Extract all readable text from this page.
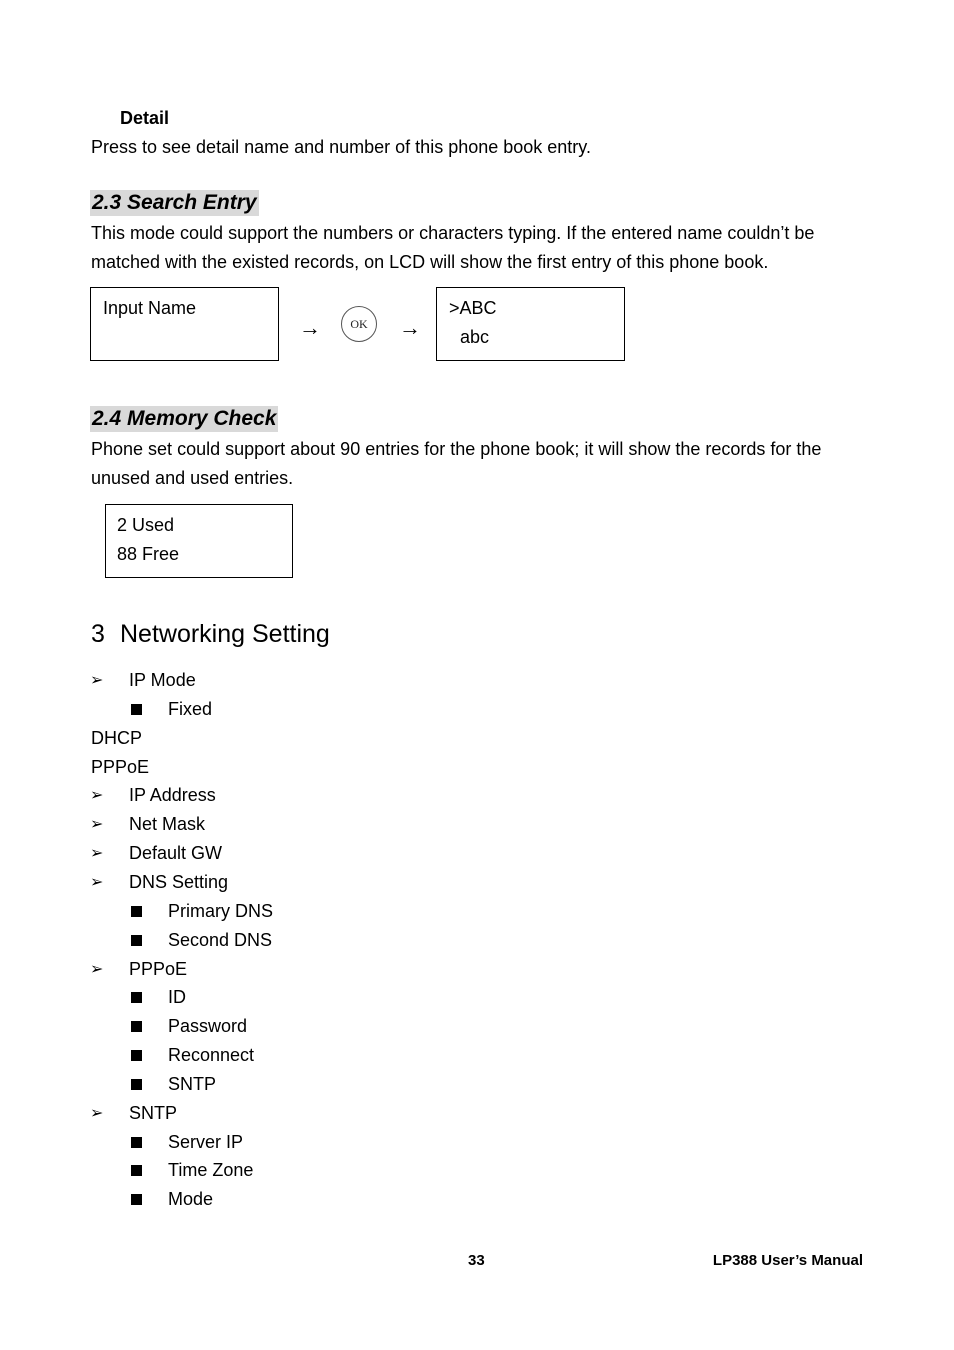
Detail
Press to see detail name and number of this phone book entry.
2.3 Search Entry
This mode could support the numbers or characters typing. If the entered name couldn’t be
matched with the existed records, on LCD will show the first entry of this phone book.
Input Name
→	OK	→
>ABC
abc
2.4 Memory Check
Phone set could support about 90 entries for the phone book; it will show the records for the
unused and used entries.
2 Used
88 Free
3 Networking Setting
➢ IP Mode
Fixed
DHCP
PPPoE
➢ IP Address
➢ Net Mask
➢ Default GW
➢ DNS Setting
Primary DNS
Second DNS
➢ PPPoE
ID
Password
Reconnect
SNTP
➢ SNTP
Server IP
Time Zone
Mode
33	LP388 User’s Manual
